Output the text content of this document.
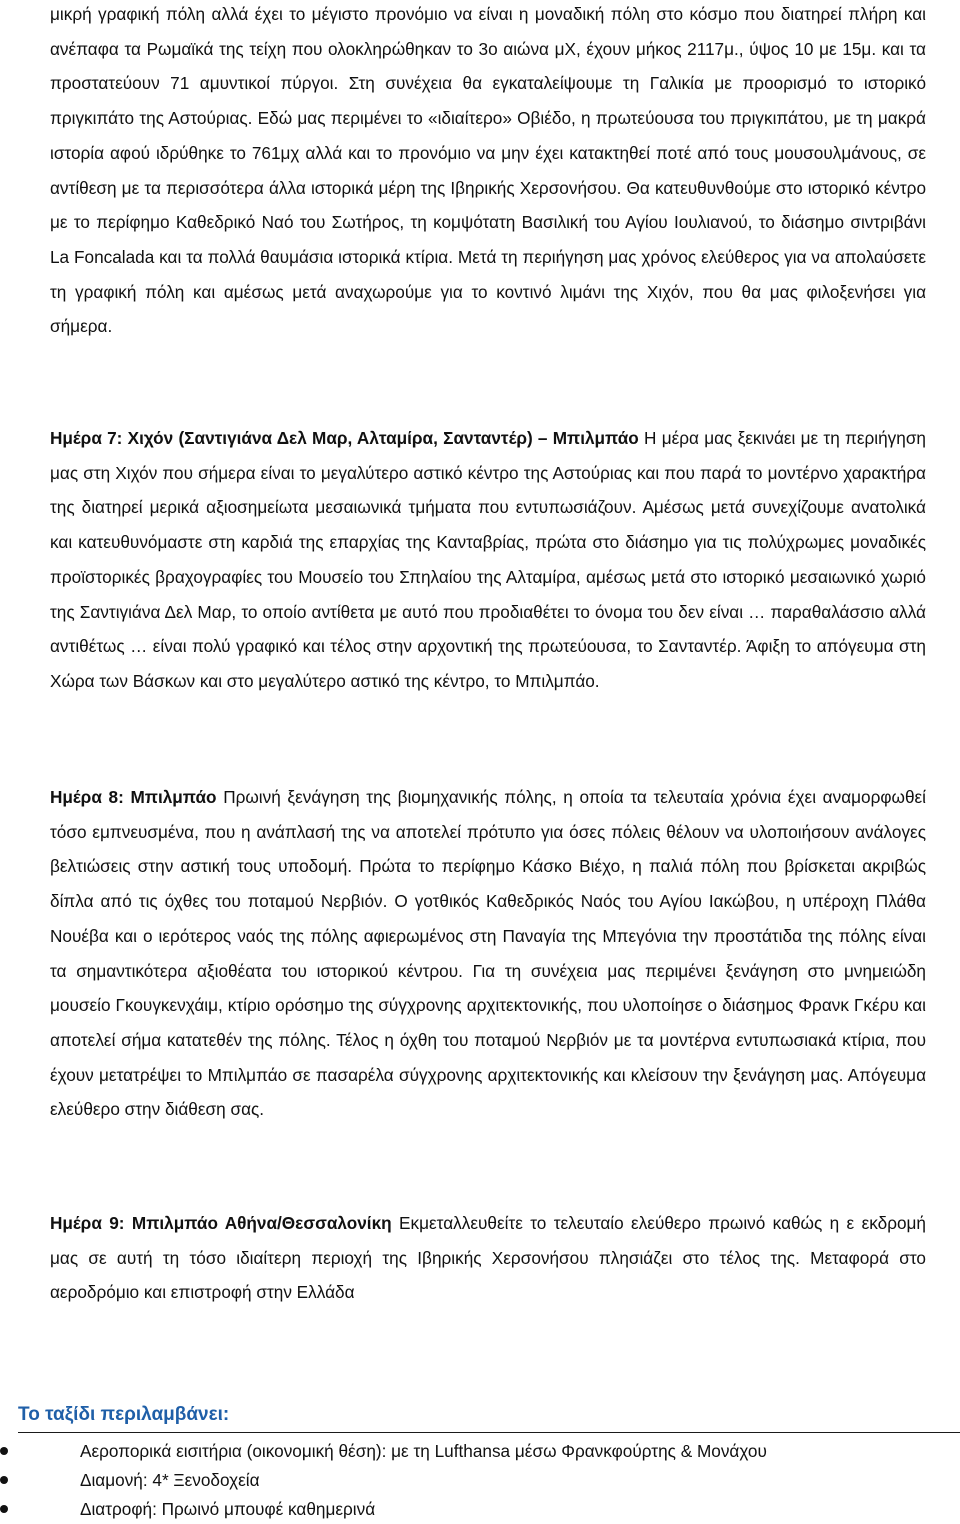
μικρή γραφική πόλη αλλά έχει το μέγιστο προνόμιο να είναι η μοναδική πόλη στο κόσμο που διατηρεί πλήρη και ανέπαφα τα Ρωμαϊκά της τείχη που ολοκληρώθηκαν το 3ο αιώνα μΧ, έχουν μήκος 2117μ., ύψος 10 με 15μ. και τα προστατεύουν 71 αμυντικοί πύργοι. Στη συνέχεια θα εγκαταλείψουμε τη Γαλικία με προορισμό το ιστορικό πριγκιπάτο της Αστούριας. Εδώ μας περιμένει το «ιδιαίτερο» Οβιέδο, η πρωτεύουσα του πριγκιπάτου, με τη μακρά ιστορία αφού ιδρύθηκε το 761μχ αλλά και το προνόμιο να μην έχει κατακτηθεί ποτέ από τους μουσουλμάνους, σε αντίθεση με τα περισσότερα άλλα ιστορικά μέρη της Ιβηρικής Χερσονήσου. Θα κατευθυνθούμε στο ιστορικό κέντρο με το περίφημο Καθεδρικό Ναό του Σωτήρος, τη κομψότατη Βασιλική του Αγίου Ιουλιανού, το διάσημο σιντριβάνι La Foncalada και τα πολλά θαυμάσια ιστορικά κτίρια. Μετά τη περιήγηση μας χρόνος ελεύθερος για να απολαύσετε τη γραφική πόλη και αμέσως μετά αναχωρούμε για το κοντινό λιμάνι της Χιχόν, που θα μας φιλοξενήσει για σήμερα.

Ημέρα 7: Χιχόν (Σαντιγιάνα Δελ Μαρ, Αλταμίρα, Σανταντέρ) – Μπιλμπάο Η μέρα μας ξεκινάει με τη περιήγηση μας στη Χιχόν που σήμερα είναι το μεγαλύτερο αστικό κέντρο της Αστούριας και που παρά το μοντέρνο χαρακτήρα της διατηρεί μερικά αξιοσημείωτα μεσαιωνικά τμήματα που εντυπωσιάζουν. Αμέσως μετά συνεχίζουμε ανατολικά και κατευθυνόμαστε στη καρδιά της επαρχίας της Κανταβρίας, πρώτα στο διάσημο για τις πολύχρωμες μοναδικές προϊστορικές βραχογραφίες του Μουσείο του Σπηλαίου της Αλταμίρα, αμέσως μετά στο ιστορικό μεσαιωνικό χωριό της Σαντιγιάνα Δελ Μαρ, το οποίο αντίθετα με αυτό που προδιαθέτει το όνομα του δεν είναι … παραθαλάσσιο αλλά αντιθέτως … είναι πολύ γραφικό και τέλος στην αρχοντική της πρωτεύουσα, το Σανταντέρ. Άφιξη το απόγευμα στη Χώρα των Βάσκων και στο μεγαλύτερο αστικό της κέντρο, το Μπιλμπάο.

Ημέρα 8: Μπιλμπάο Πρωινή ξενάγηση της βιομηχανικής πόλης, η οποία τα τελευταία χρόνια έχει αναμορφωθεί τόσο εμπνευσμένα, που η ανάπλασή της να αποτελεί πρότυπο για όσες πόλεις θέλουν να υλοποιήσουν ανάλογες βελτιώσεις στην αστική τους υποδομή. Πρώτα το περίφημο Κάσκο Βιέχο, η παλιά πόλη που βρίσκεται ακριβώς δίπλα από τις όχθες του ποταμού Νερβιόν. Ο γοτθικός Καθεδρικός Ναός του Αγίου Ιακώβου, η υπέροχη Πλάθα Νουέβα και ο ιερότερος ναός της πόλης αφιερωμένος στη Παναγία της Μπεγόνια την προστάτιδα της πόλης είναι τα σημαντικότερα αξιοθέατα του ιστορικού κέντρου. Για τη συνέχεια μας περιμένει ξενάγηση στο μνημειώδη μουσείο Γκουγκενχάιμ, κτίριο ορόσημο της σύγχρονης αρχιτεκτονικής, που υλοποίησε ο διάσημος Φρανκ Γκέρυ και αποτελεί σήμα κατατεθέν της πόλης. Τέλος η όχθη του ποταμού Νερβιόν με τα μοντέρνα εντυπωσιακά κτίρια, που έχουν μετατρέψει το Μπιλμπάο σε πασαρέλα σύγχρονης αρχιτεκτονικής και κλείσουν την ξενάγηση μας. Απόγευμα ελεύθερο στην διάθεση σας.

Ημέρα 9: Μπιλμπάο Αθήνα/Θεσσαλονίκη Εκμεταλλευθείτε το τελευταίο ελεύθερο πρωινό καθώς η ε εκδρομή μας σε αυτή τη τόσο ιδιαίτερη περιοχή της Ιβηρικής Χερσονήσου πλησιάζει στο τέλος της. Μεταφορά στο αεροδρόμιο και επιστροφή στην Ελλάδα

Το ταξίδι περιλαμβάνει:
Αεροπορικά εισιτήρια (οικονομική θέση): με τη Lufthansa μέσω Φρανκφούρτης & Μονάχου
Διαμονή: 4* Ξενοδοχεία
Διατροφή: Πρωινό μπουφέ καθημερινά
